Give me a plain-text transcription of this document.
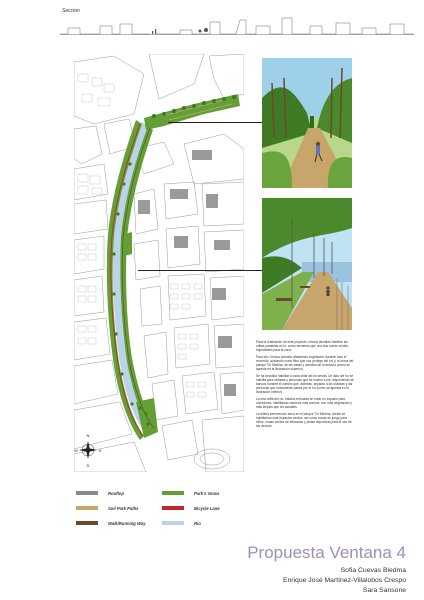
Seccion
N
S
W	E

Para la realización de este proyecto, hemos decidido habilitar las orillas paralelas al río, como elemento que una dos zonas verdes, importantes para la zona.

Para ello, hemos actuado añadiendo vegetación durante todo el recorrido, actuando como filtro que nos protege del sol y, al cerca del parque Tio Medina, de las vistas y acústica de la autovía (como se aprecia en la ilustración superior).

Se ha decidido habilitar a cada orilla del rio senda. Un lado del río se habilita para ciclistas y personas que se mueve a pie, disponiendo de bancos durante el camino que, además, separan a los ciclistas y las personas que únicamente pasea por el río (como se aprecia en la ilustración inferior).

La otra orilla del río, estaría enfocada en crear un espacio para corredores, habilitando caminos más anchos, con más vegetación y más limpios que los actuales.

La última intervención sería en el parque Tío Medina, donde se habilitarían más espacios verdes, así como zonas de juego para niños, zonas verdes de descanso y pistas deportivas para el uso de los vecinos.

Rooftop
Soil Park Paths
Walk/Running Way
Park's Grass
Bicycle Lane
Rio
Propuesta Ventana 4
Sofia Cuevas Biedma
Enrique José Martínez-Villalobos Crespo
Sara Sansone
